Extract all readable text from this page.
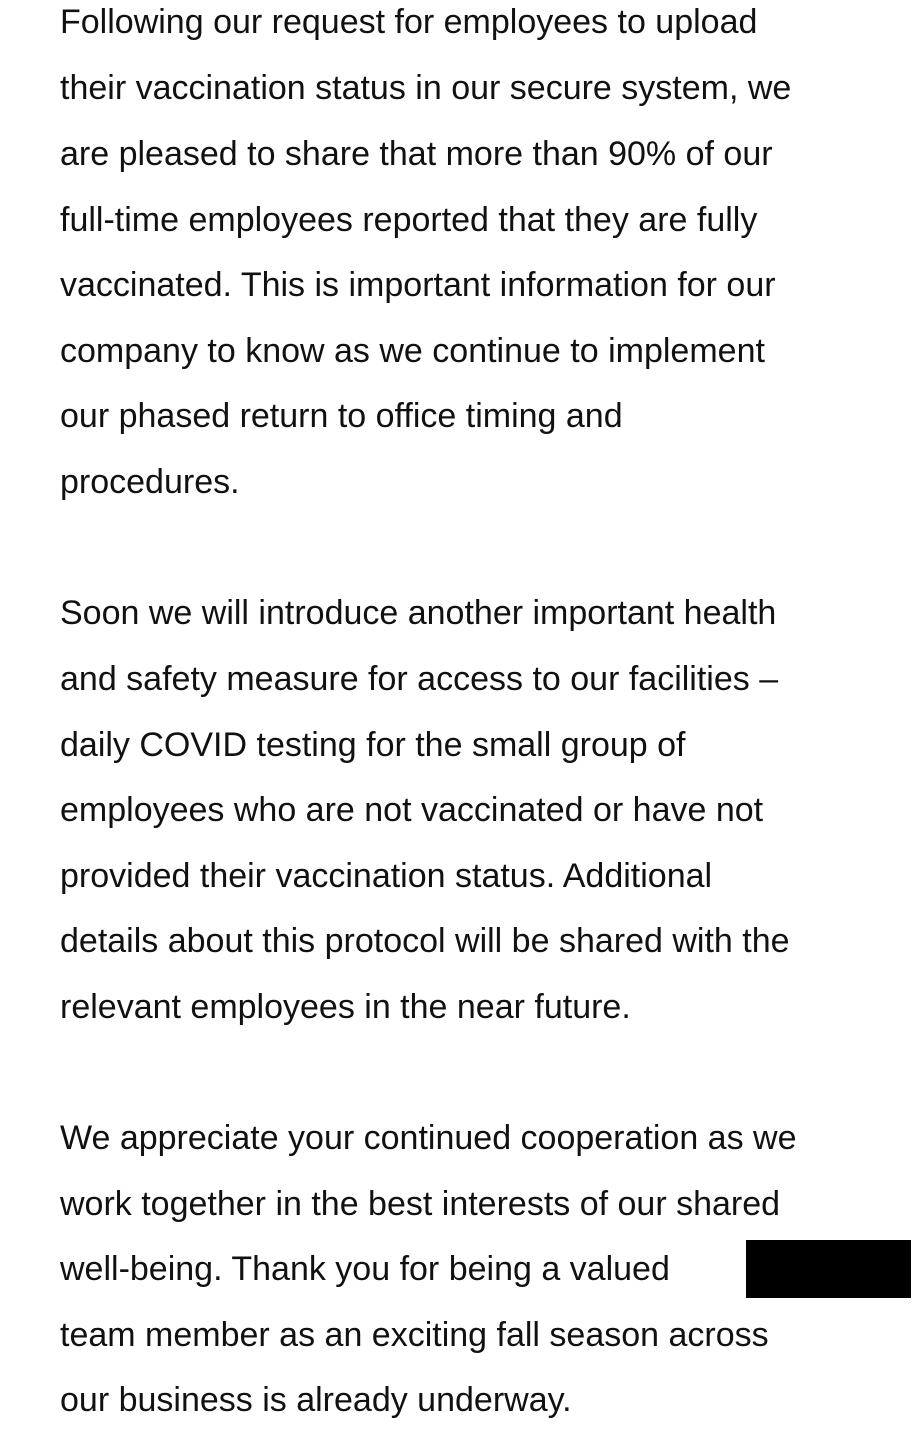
Following our request for employees to upload
their vaccination status in our secure system, we
are pleased to share that more than 90% of our
full-time employees reported that they are fully
vaccinated. This is important information for our
company to know as we continue to implement
our phased return to office timing and
procedures.
Soon we will introduce another important health
and safety measure for access to our facilities –
daily COVID testing for the small group of
employees who are not vaccinated or have not
provided their vaccination status. Additional
details about this protocol will be shared with the
relevant employees in the near future.
We appreciate your continued cooperation as we
work together in the best interests of our shared
well-being. Thank you for being a valued
team member as an exciting fall season across
our business is already underway.
